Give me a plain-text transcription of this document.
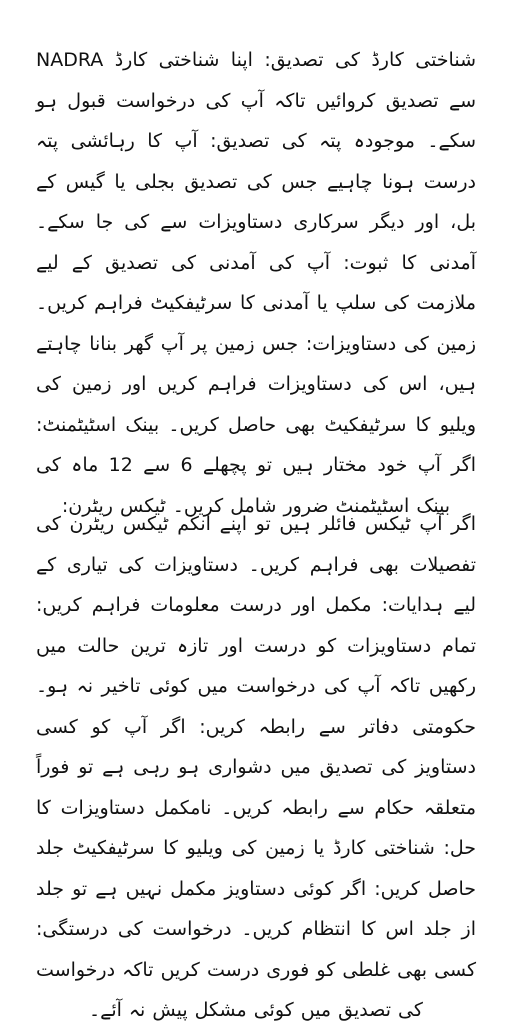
شناختی کارڈ کی تصدیق: اپنا شناختی کارڈ NADRA سے تصدیق کروائیں تاکہ آپ کی درخواست قبول ہو سکے۔ موجودہ پتہ کی تصدیق: آپ کا رہائشی پتہ درست ہونا چاہیے جس کی تصدیق بجلی یا گیس کے بل، اور دیگر سرکاری دستاویزات سے کی جا سکے۔ آمدنی کا ثبوت: آپ کی آمدنی کی تصدیق کے لیے ملازمت کی سلپ یا آمدنی کا سرٹیفکیٹ فراہم کریں۔ زمین کی دستاویزات: جس زمین پر آپ گھر بنانا چاہتے ہیں، اس کی دستاویزات فراہم کریں اور زمین کی ویلیو کا سرٹیفکیٹ بھی حاصل کریں۔ بینک اسٹیٹمنٹ: اگر آپ خود مختار ہیں تو پچھلے 6 سے 12 ماہ کی بینک اسٹیٹمنٹ ضرور شامل کریں۔ ٹیکس ریٹرن:

اگر آپ ٹیکس فائلر ہیں تو اپنے انکم ٹیکس ریٹرن کی تفصیلات بھی فراہم کریں۔ دستاویزات کی تیاری کے لیے ہدایات: مکمل اور درست معلومات فراہم کریں: تمام دستاویزات کو درست اور تازہ ترین حالت میں رکھیں تاکہ آپ کی درخواست میں کوئی تاخیر نہ ہو۔ حکومتی دفاتر سے رابطہ کریں: اگر آپ کو کسی دستاویز کی تصدیق میں دشواری ہو رہی ہے تو فوراً متعلقہ حکام سے رابطہ کریں۔ نامکمل دستاویزات کا حل: شناختی کارڈ یا زمین کی ویلیو کا سرٹیفکیٹ جلد حاصل کریں: اگر کوئی دستاویز مکمل نہیں ہے تو جلد از جلد اس کا انتظام کریں۔ درخواست کی درستگی: کسی بھی غلطی کو فوری درست کریں تاکہ درخواست کی تصدیق میں کوئی مشکل پیش نہ آئے۔
